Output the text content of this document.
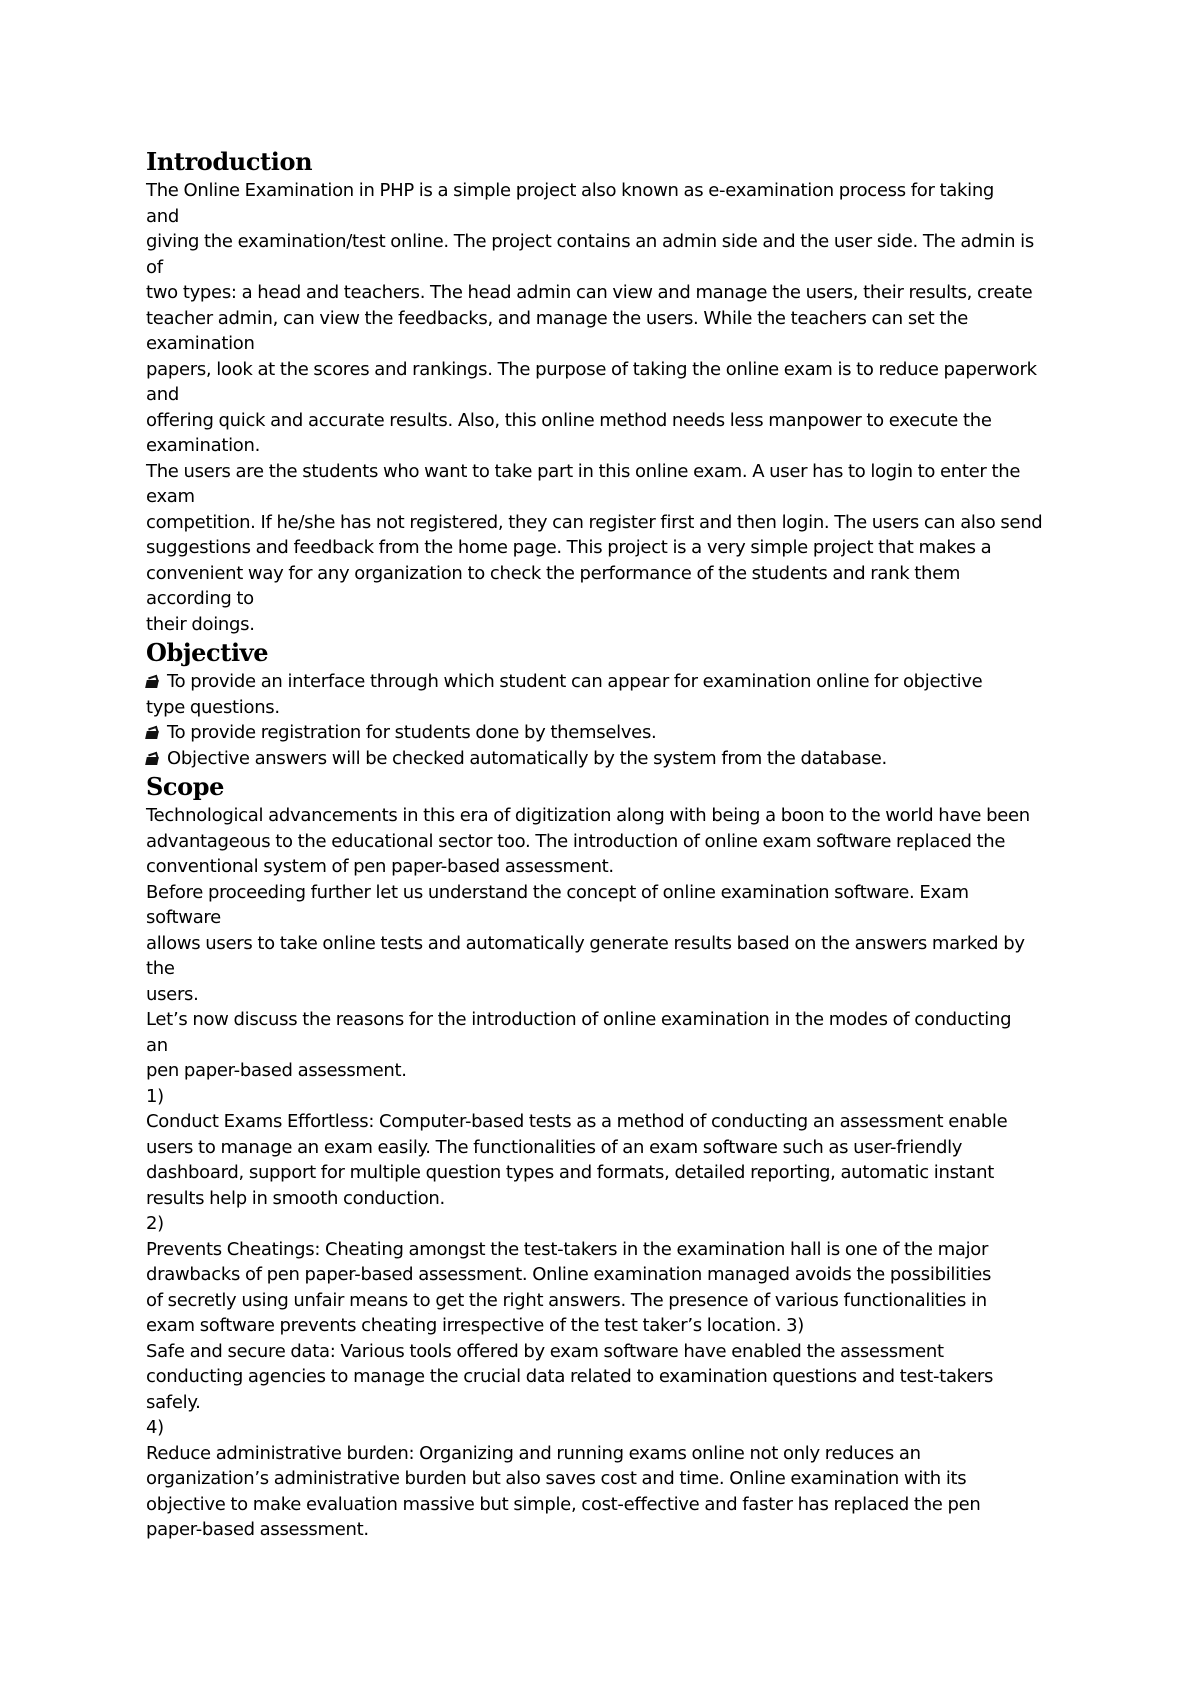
Introduction
The Online Examination in PHP is a simple project also known as e-examination process for taking
and
giving the examination/test online. The project contains an admin side and the user side. The admin is
of
two types: a head and teachers. The head admin can view and manage the users, their results, create
teacher admin, can view the feedbacks, and manage the users. While the teachers can set the
examination
papers, look at the scores and rankings. The purpose of taking the online exam is to reduce paperwork
and
offering quick and accurate results. Also, this online method needs less manpower to execute the
examination.
The users are the students who want to take part in this online exam. A user has to login to enter the
exam
competition. If he/she has not registered, they can register first and then login. The users can also send
suggestions and feedback from the home page. This project is a very simple project that makes a
convenient way for any organization to check the performance of the students and rank them
according to
their doings.
Objective
To provide an interface through which student can appear for examination online for objective
type questions.
To provide registration for students done by themselves.
Objective answers will be checked automatically by the system from the database.
Scope
Technological advancements in this era of digitization along with being a boon to the world have been
advantageous to the educational sector too. The introduction of online exam software replaced the
conventional system of pen paper-based assessment.
Before proceeding further let us understand the concept of online examination software. Exam
software
allows users to take online tests and automatically generate results based on the answers marked by
the
users.
Let’s now discuss the reasons for the introduction of online examination in the modes of conducting
an
pen paper-based assessment.
1)
Conduct Exams Effortless: Computer-based tests as a method of conducting an assessment enable
users to manage an exam easily. The functionalities of an exam software such as user-friendly
dashboard, support for multiple question types and formats, detailed reporting, automatic instant
results help in smooth conduction.
2)
Prevents Cheatings: Cheating amongst the test-takers in the examination hall is one of the major
drawbacks of pen paper-based assessment. Online examination managed avoids the possibilities
of secretly using unfair means to get the right answers. The presence of various functionalities in
exam software prevents cheating irrespective of the test taker’s location. 3)
Safe and secure data: Various tools offered by exam software have enabled the assessment
conducting agencies to manage the crucial data related to examination questions and test-takers
safely.
4)
Reduce administrative burden: Organizing and running exams online not only reduces an
organization’s administrative burden but also saves cost and time. Online examination with its
objective to make evaluation massive but simple, cost-effective and faster has replaced the pen
paper-based assessment.
